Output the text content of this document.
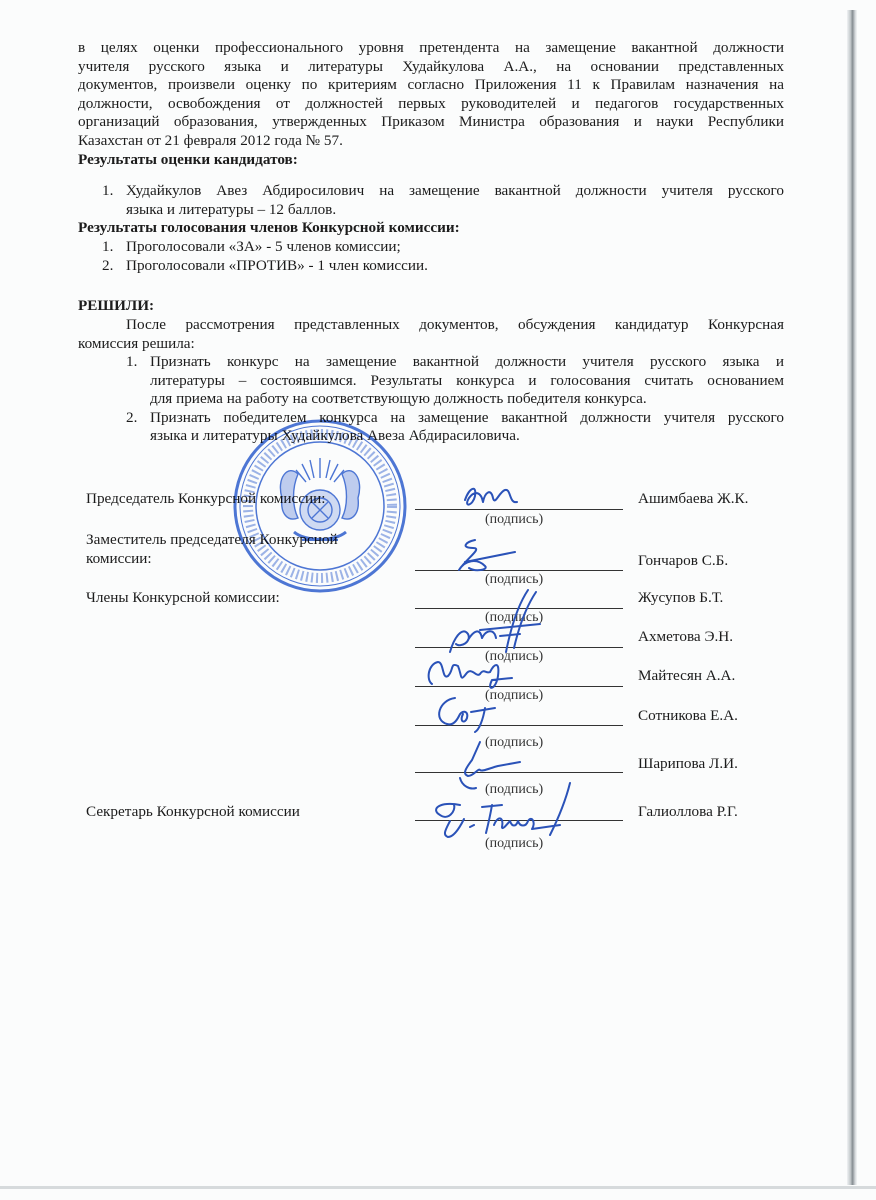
в целях оценки профессионального уровня претендента на замещение вакантной должности
учителя русского языка и литературы Худайкулова А.А., на основании представленных
документов, произвели оценку по критериям согласно Приложения 11 к Правилам назначения на
должности, освобождения от должностей первых руководителей и педагогов государственных
организаций образования, утвержденных Приказом Министра образования и науки Республики
Казахстан от 21 февраля 2012 года № 57.
Результаты оценки кандидатов:
1. Худайкулов Авез Абдиросилович на замещение вакантной должности учителя русского
языка и литературы – 12 баллов.
Результаты голосования членов Конкурсной комиссии:
1. Проголосовали «ЗА» - 5 членов комиссии;
2. Проголосовали «ПРОТИВ» - 1 член комиссии.
РЕШИЛИ:
После рассмотрения представленных документов, обсуждения кандидатур Конкурсная
комиссия решила:
1. Признать конкурс на замещение вакантной должности учителя русского языка и
литературы – состоявшимся. Результаты конкурса и голосования считать основанием
для приема на работу на соответствующую должность победителя конкурса.
2. Признать победителем конкурса на замещение вакантной должности учителя русского
языка и литературы Худайкулова Авеза Абдирасиловича.
Председатель Конкурсной комиссии:
Заместитель председателя Конкурсной
комиссии:
Члены Конкурсной комиссии:
Секретарь Конкурсной комиссии
(подпись)
(подпись)
(подпись)
(подпись)
(подпись)
(подпись)
(подпись)
(подпись)
Ашимбаева Ж.К.
Гончаров С.Б.
Жусупов Б.Т.
Ахметова Э.Н.
Майтесян А.А.
Сотникова Е.А.
Шарипова Л.И.
Галиоллова Р.Г.
